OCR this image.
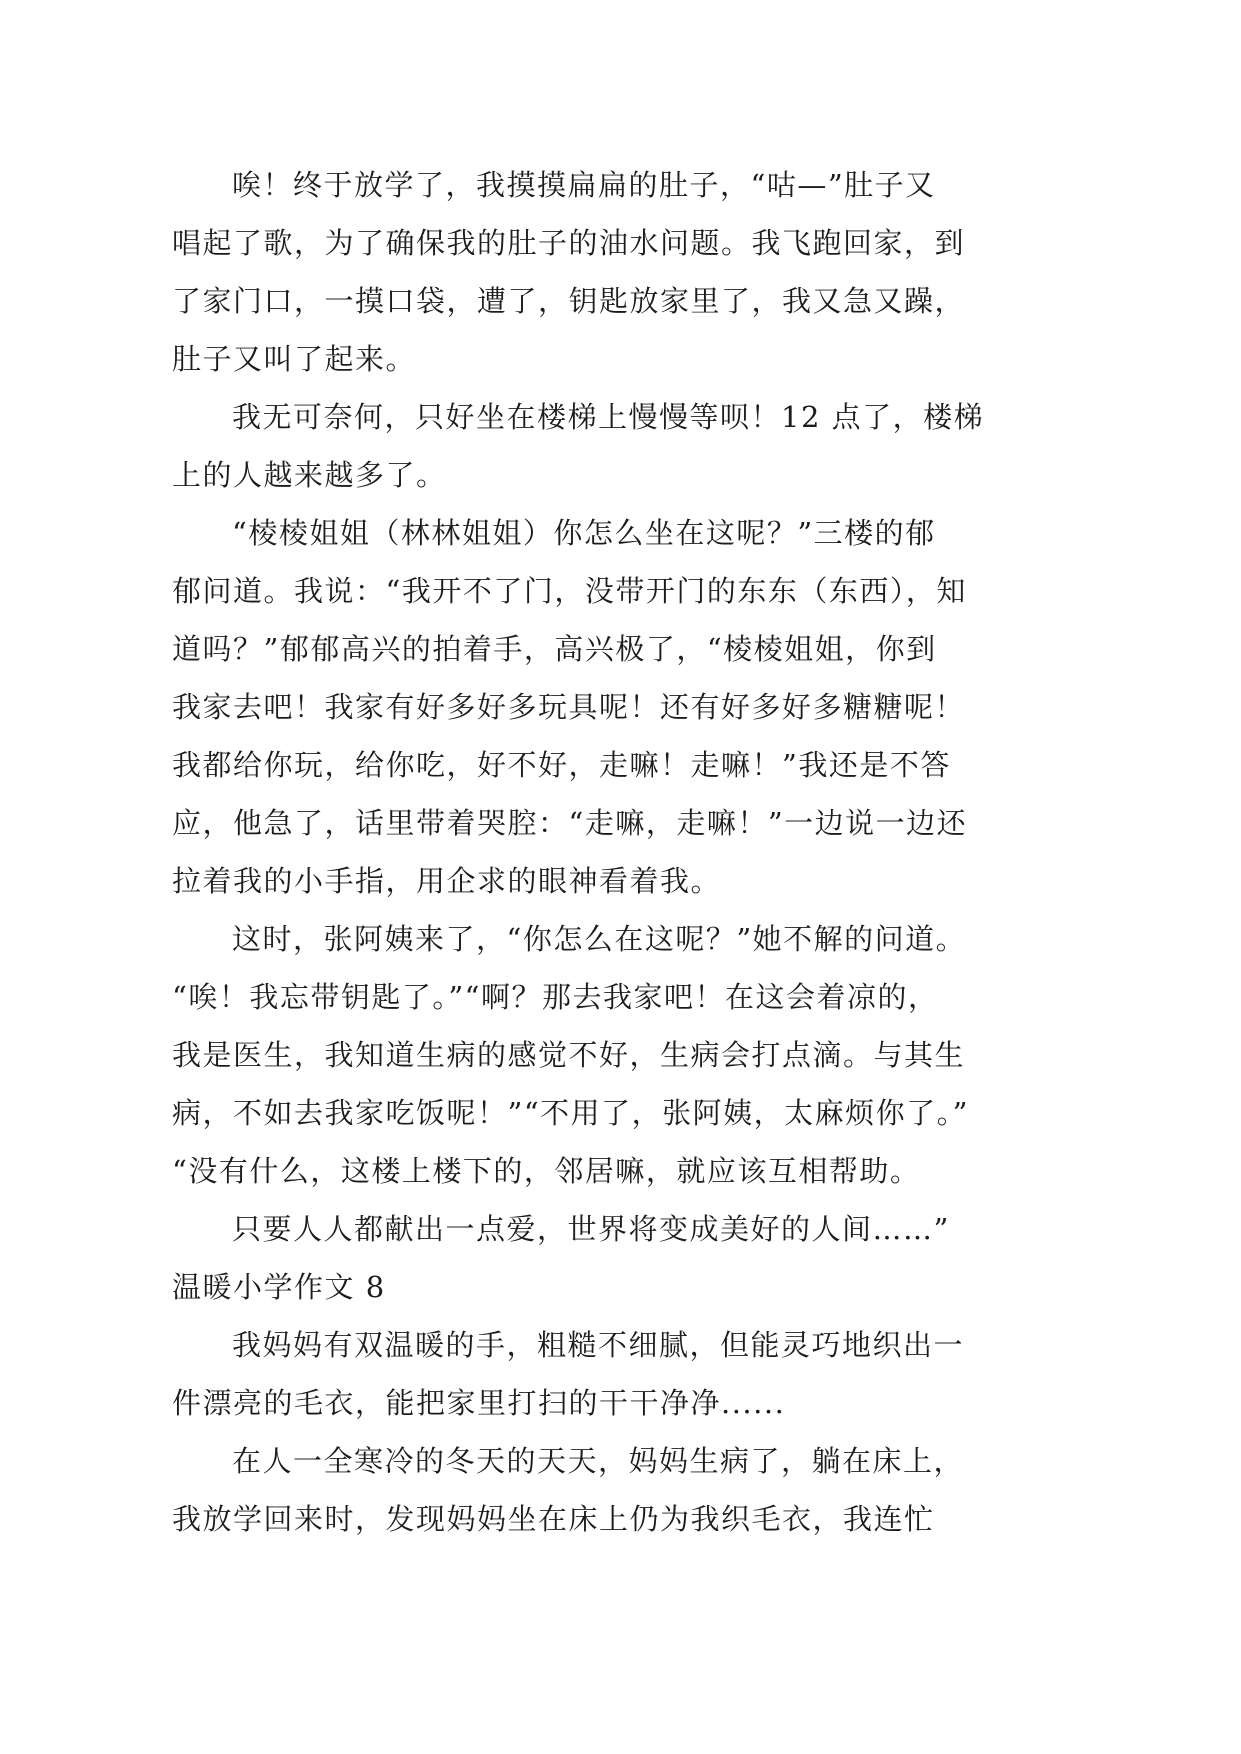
唉！终于放学了，我摸摸扁扁的肚子，“咕—”肚子又
唱起了歌，为了确保我的肚子的油水问题。我飞跑回家，到
了家门口，一摸口袋，遭了，钥匙放家里了，我又急又躁，
肚子又叫了起来。
我无可奈何，只好坐在楼梯上慢慢等呗！12 点了，楼梯
上的人越来越多了。
“棱棱姐姐（林林姐姐）你怎么坐在这呢？”三楼的郁
郁问道。我说：“我开不了门，没带开门的东东（东西），知
道吗？”郁郁高兴的拍着手，高兴极了，“棱棱姐姐，你到
我家去吧！我家有好多好多玩具呢！还有好多好多糖糖呢！
我都给你玩，给你吃，好不好，走嘛！走嘛！”我还是不答
应，他急了，话里带着哭腔：“走嘛，走嘛！”一边说一边还
拉着我的小手指，用企求的眼神看着我。
这时，张阿姨来了，“你怎么在这呢？”她不解的问道。
“唉！我忘带钥匙了。”“啊？那去我家吧！在这会着凉的，
我是医生，我知道生病的感觉不好，生病会打点滴。与其生
病，不如去我家吃饭呢！”“不用了，张阿姨，太麻烦你了。”
“没有什么，这楼上楼下的，邻居嘛，就应该互相帮助。
只要人人都献出一点爱，世界将变成美好的人间……”
温暖小学作文 8
我妈妈有双温暖的手，粗糙不细腻，但能灵巧地织出一
件漂亮的毛衣，能把家里打扫的干干净净......
在人一全寒冷的冬天的天天，妈妈生病了，躺在床上，
我放学回来时，发现妈妈坐在床上仍为我织毛衣，我连忙
